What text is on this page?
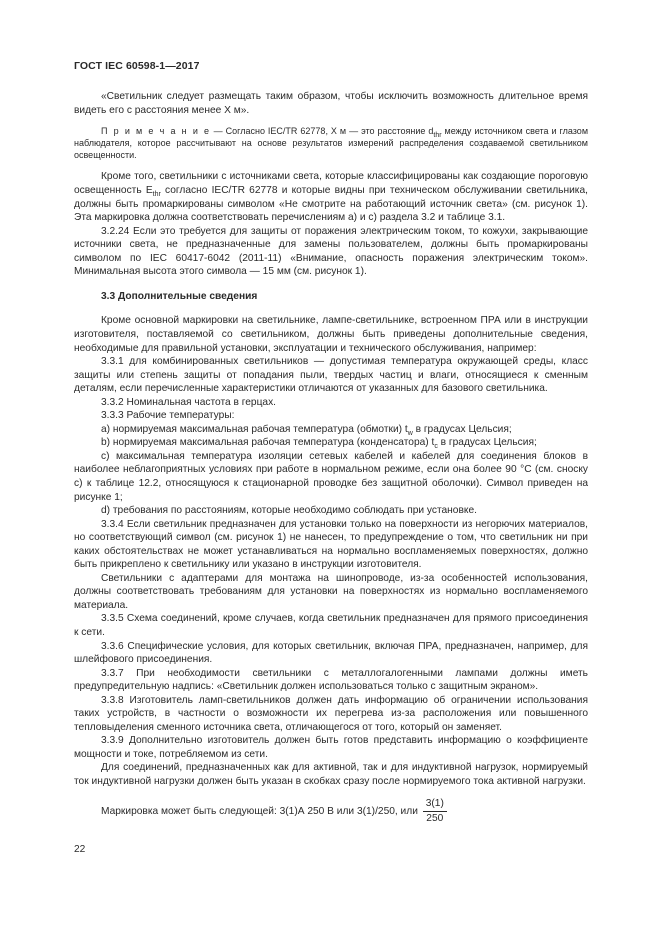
ГОСТ IEC 60598-1—2017

«Светильник следует размещать таким образом, чтобы исключить возможность длительное время видеть его с расстояния менее X м».

П р и м е ч а н и е — Согласно IEC/TR 62778, X м — это расстояние $d_{thr}$ между источником света и глазом наблюдателя, которое рассчитывают на основе результатов измерений распределения создаваемой светильником освещенности.

Кроме того, светильники с источниками света, которые классифицированы как создающие пороговую освещенность $E_{thr}$ согласно IEC/TR 62778 и которые видны при техническом обслуживании светильника, должны быть промаркированы символом «Не смотрите на работающий источник света» (см. рисунок 1). Эта маркировка должна соответствовать перечислениям а) и с) раздела 3.2 и таблице 3.1.

3.2.24 Если это требуется для защиты от поражения электрическим током, то кожухи, закрывающие источники света, не предназначенные для замены пользователем, должны быть промаркированы символом по IEC 60417-6042 (2011-11) «Внимание, опасность поражения электрическим током». Минимальная высота этого символа — 15 мм (см. рисунок 1).

3.3 Дополнительные сведения

Кроме основной маркировки на светильнике, лампе-светильнике, встроенном ПРА или в инструкции изготовителя, поставляемой со светильником, должны быть приведены дополнительные сведения, необходимые для правильной установки, эксплуатации и технического обслуживания, например:

3.3.1 для комбинированных светильников — допустимая температура окружающей среды, класс защиты или степень защиты от попадания пыли, твердых частиц и влаги, относящиеся к сменным деталям, если перечисленные характеристики отличаются от указанных для базового светильника.

3.3.2 Номинальная частота в герцах.

3.3.3 Рабочие температуры:

a) нормируемая максимальная рабочая температура (обмотки) $t_w$ в градусах Цельсия;

b) нормируемая максимальная рабочая температура (конденсатора) $t_c$ в градусах Цельсия;

c) максимальная температура изоляции сетевых кабелей и кабелей для соединения блоков в наиболее неблагоприятных условиях при работе в нормальном режиме, если она более 90 °С (см. сноску с) к таблице 12.2, относящуюся к стационарной проводке без защитной оболочки). Символ приведен на рисунке 1;

d) требования по расстояниям, которые необходимо соблюдать при установке.

3.3.4 Если светильник предназначен для установки только на поверхности из негорючих материалов, но соответствующий символ (см. рисунок 1) не нанесен, то предупреждение о том, что светильник ни при каких обстоятельствах не может устанавливаться на нормально воспламеняемых поверхностях, должно быть прикреплено к светильнику или указано в инструкции изготовителя.

Светильники с адаптерами для монтажа на шинопроводе, из-за особенностей использования, должны соответствовать требованиям для установки на поверхностях из нормально воспламеняемого материала.

3.3.5 Схема соединений, кроме случаев, когда светильник предназначен для прямого присоединения к сети.

3.3.6 Специфические условия, для которых светильник, включая ПРА, предназначен, например, для шлейфового присоединения.

3.3.7 При необходимости светильники с металлогалогенными лампами должны иметь предупредительную надпись: «Светильник должен использоваться только с защитным экраном».

3.3.8 Изготовитель ламп-светильников должен дать информацию об ограничении использования таких устройств, в частности о возможности их перегрева из-за расположения или повышенного тепловыделения сменного источника света, отличающегося от того, который он заменяет.

3.3.9 Дополнительно изготовитель должен быть готов представить информацию о коэффициенте мощности и токе, потребляемом из сети.

Для соединений, предназначенных как для активной, так и для индуктивной нагрузок, нормируемый ток индуктивной нагрузки должен быть указан в скобках сразу после нормируемого тока активной нагрузки.

Маркировка может быть следующей: 3(1)А 250 В или 3(1)/250, или $\frac{3(1)}{250}$

22
